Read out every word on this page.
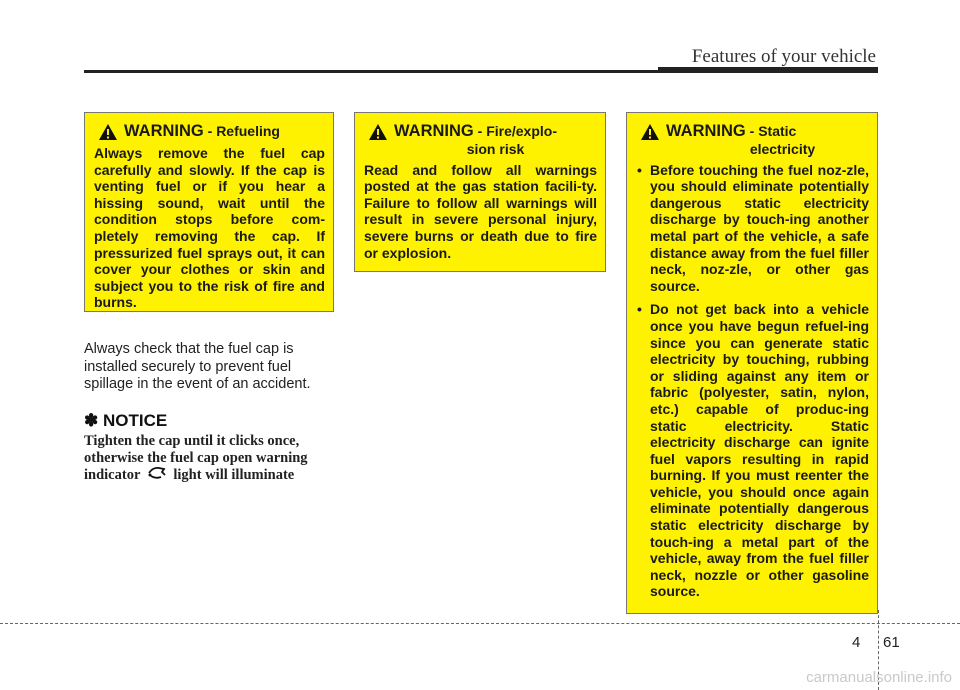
Features of your vehicle
WARNING - Refueling
Always remove the fuel cap carefully and slowly. If the cap is venting fuel or if you hear a hissing sound, wait until the condition stops before com-pletely removing the cap. If pressurized fuel sprays out, it can cover your clothes or skin and subject you to the risk of fire and burns.
WARNING - Fire/explo-
sion risk
Read and follow all warnings posted at the gas station facili-ty. Failure to follow all warnings will result in severe personal injury, severe burns or death due to fire or explosion.
WARNING - Static
electricity
• Before touching the fuel noz-zle, you should eliminate potentially dangerous static electricity discharge by touch-ing another metal part of the vehicle, a safe distance away from the fuel filler neck, noz-zle, or other gas source.
• Do not get back into a vehicle once you have begun refuel-ing since you can generate static electricity by touching, rubbing or sliding against any item or fabric (polyester, satin, nylon, etc.) capable of produc-ing static electricity. Static electricity discharge can ignite fuel vapors resulting in rapid burning. If you must reenter the vehicle, you should once again eliminate potentially dangerous static electricity discharge by touch-ing a metal part of the vehicle, away from the fuel filler neck, nozzle or other gasoline source.
Always check that the fuel cap is installed securely to prevent fuel spillage in the event of an accident.
✽ NOTICE
Tighten the cap until it clicks once, otherwise the fuel cap open warning indicator light will illuminate
4 61
carmanualsonline.info
